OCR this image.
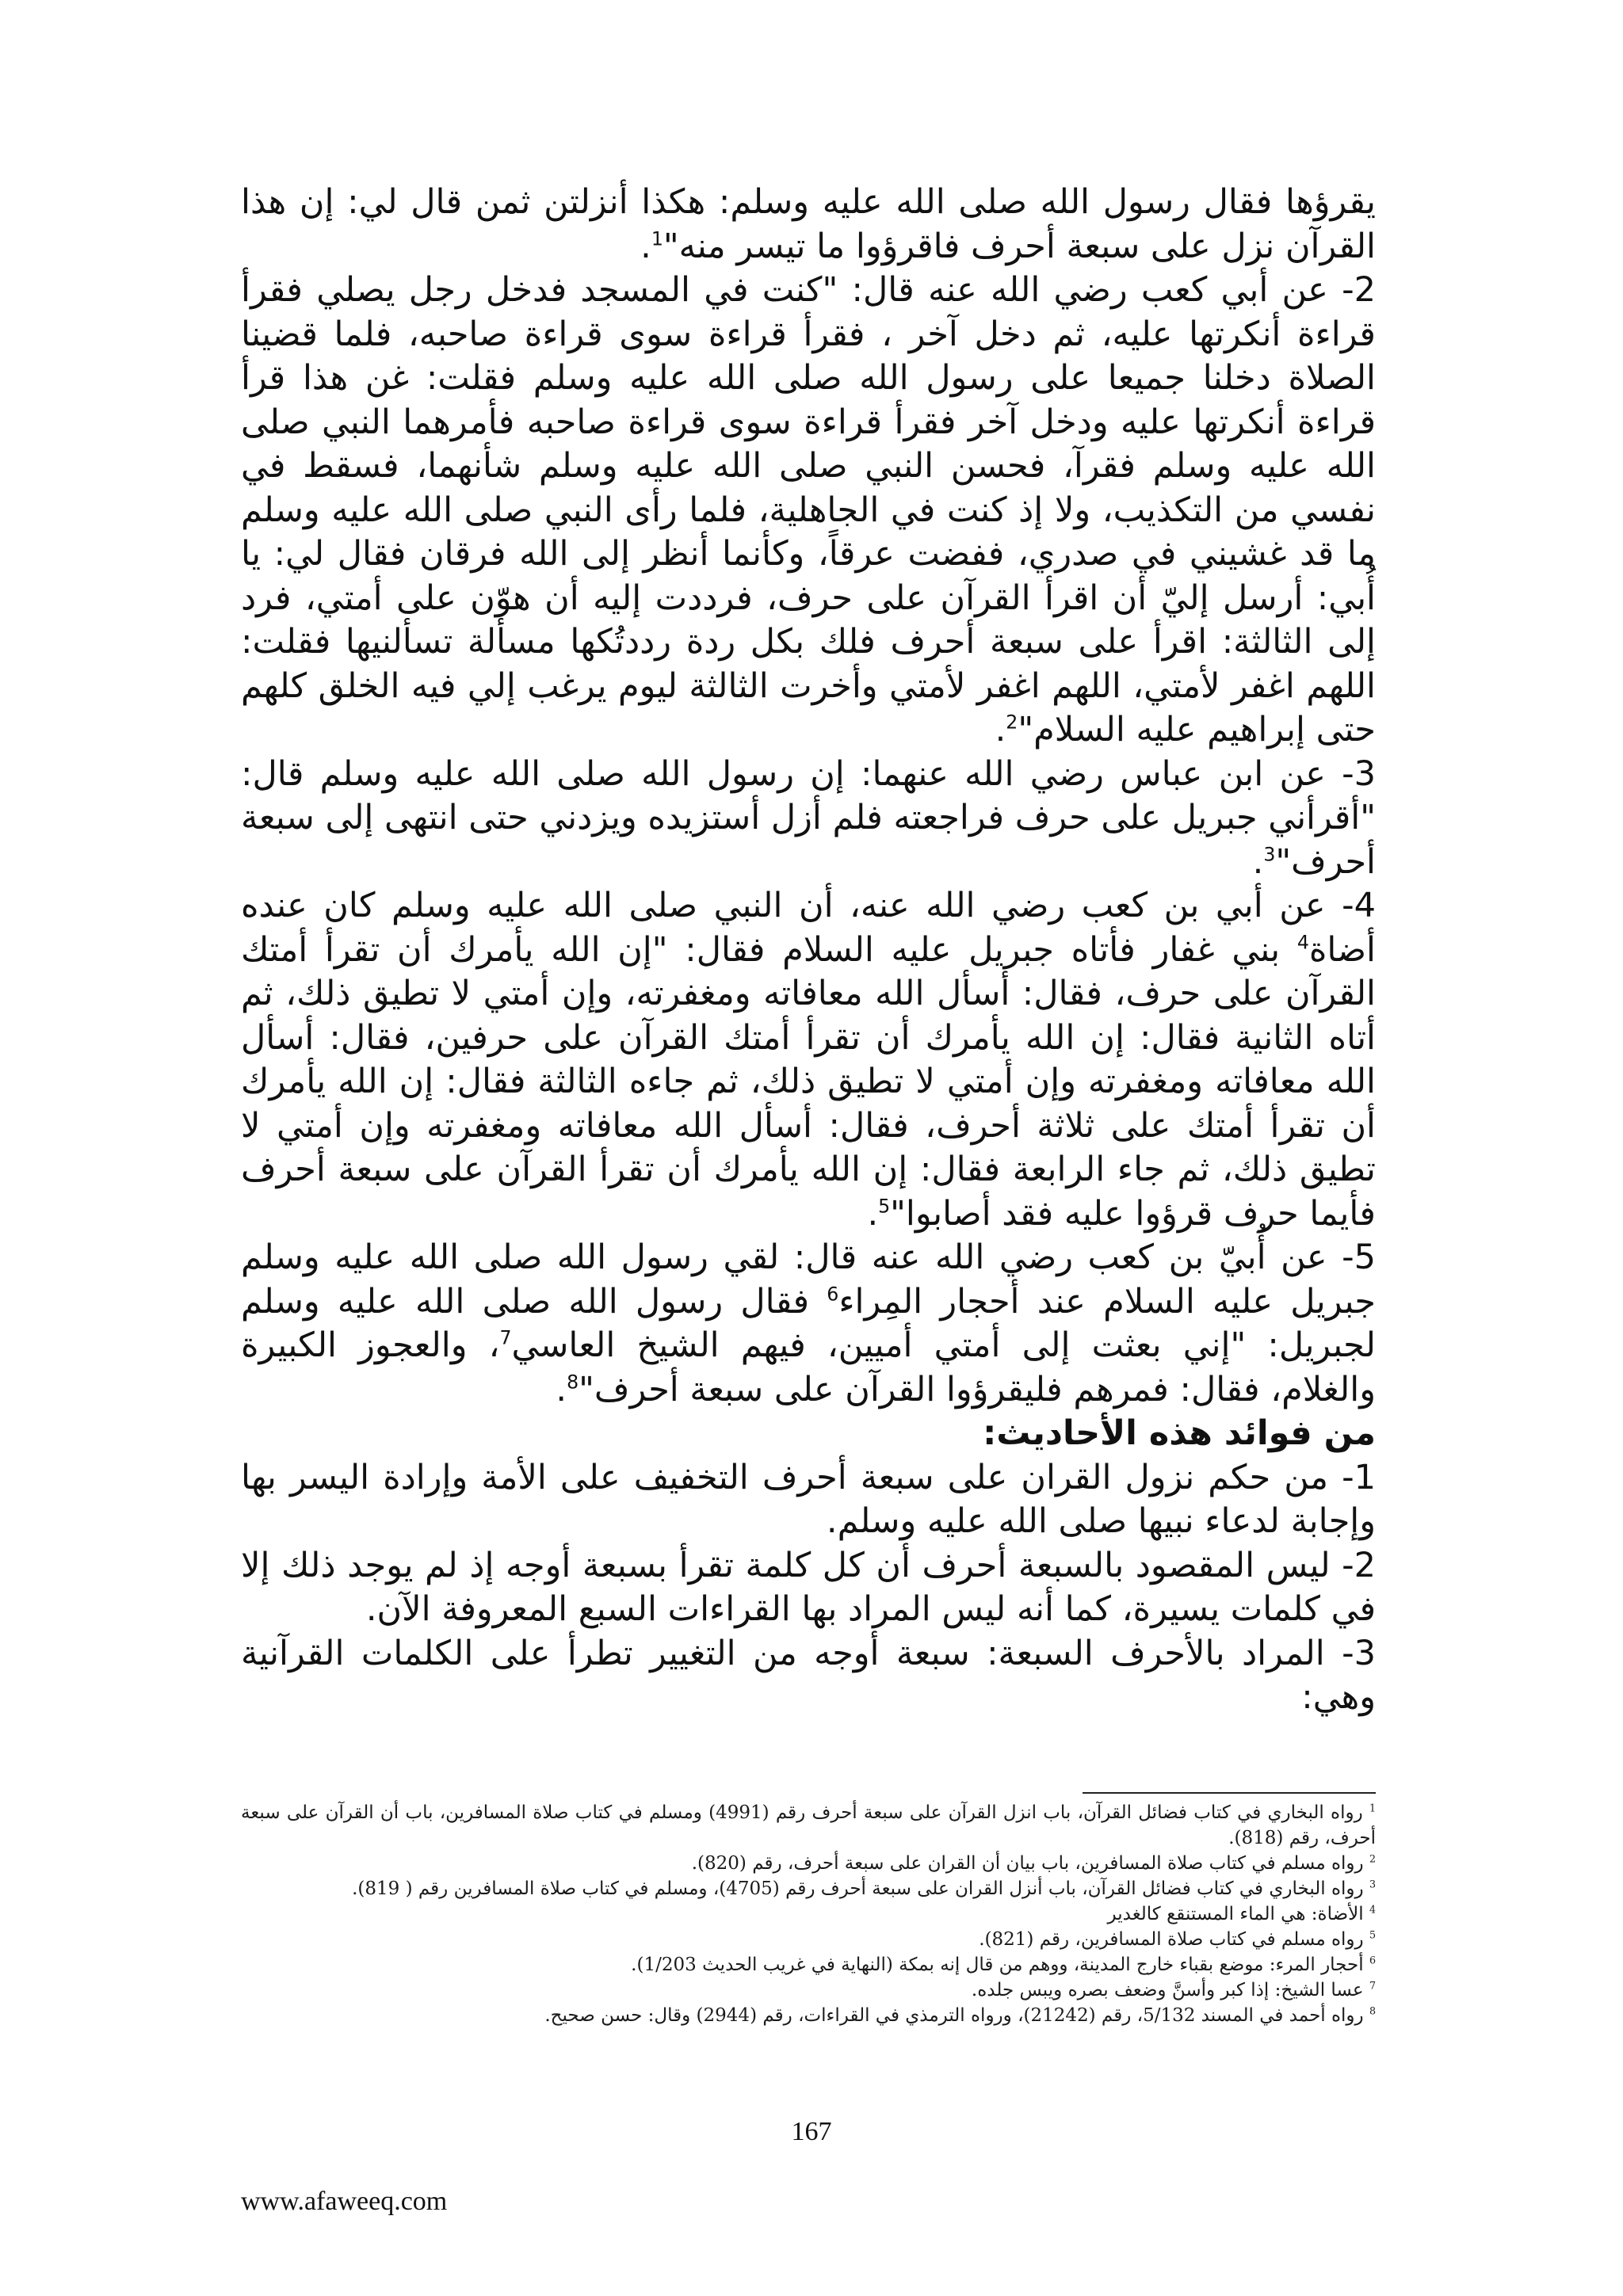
يقرؤها فقال رسول الله صلى الله عليه وسلم: هكذا أنزلتن ثمن قال لي: إن هذا القرآن نزل على سبعة أحرف فاقرؤوا ما تيسر منه"$^1$.

2- عن أبي كعب رضي الله عنه قال: "كنت في المسجد فدخل رجل يصلي فقرأ قراءة أنكرتها عليه، ثم دخل آخر ، فقرأ قراءة سوى قراءة صاحبه، فلما قضينا الصلاة دخلنا جميعا على رسول الله صلى الله عليه وسلم فقلت: غن هذا قرأ قراءة أنكرتها عليه ودخل آخر فقرأ قراءة سوى قراءة صاحبه فأمرهما النبي صلى الله عليه وسلم فقرآ، فحسن النبي صلى الله عليه وسلم شأنهما، فسقط في نفسي من التكذيب، ولا إذ كنت في الجاهلية، فلما رأى النبي صلى الله عليه وسلم ما قد غشيني في صدري، ففضت عرقاً، وكأنما أنظر إلى الله فرقان فقال لي: يا أُبي: أرسل إليّ أن اقرأ القرآن على حرف، فرددت إليه أن هوّن على أمتي، فرد إلى الثالثة: اقرأ على سبعة أحرف فلك بكل ردة رددتُكها مسألة تسألنيها فقلت: اللهم اغفر لأمتي، اللهم اغفر لأمتي وأخرت الثالثة ليوم يرغب إلي فيه الخلق كلهم حتى إبراهيم عليه السلام"$^2$.

3- عن ابن عباس رضي الله عنهما: إن رسول الله صلى الله عليه وسلم قال: "أقرأني جبريل على حرف فراجعته فلم أزل أستزيده ويزدني حتى انتهى إلى سبعة أحرف"$^3$.

4- عن أبي بن كعب رضي الله عنه، أن النبي صلى الله عليه وسلم كان عنده أضاة$^4$ بني غفار فأتاه جبريل عليه السلام فقال: "إن الله يأمرك أن تقرأ أمتك القرآن على حرف، فقال: أسأل الله معافاته ومغفرته، وإن أمتي لا تطيق ذلك، ثم أتاه الثانية فقال: إن الله يأمرك أن تقرأ أمتك القرآن على حرفين، فقال: أسأل الله معافاته ومغفرته وإن أمتي لا تطيق ذلك، ثم جاءه الثالثة فقال: إن الله يأمرك أن تقرأ أمتك على ثلاثة أحرف، فقال: أسأل الله معافاته ومغفرته وإن أمتي لا تطيق ذلك، ثم جاء الرابعة فقال: إن الله يأمرك أن تقرأ القرآن على سبعة أحرف فأيما حرف قرؤوا عليه فقد أصابوا"$^5$.

5- عن أُبيّ بن كعب رضي الله عنه قال: لقي رسول الله صلى الله عليه وسلم جبريل عليه السلام عند أحجار المِراء$^6$ فقال رسول الله صلى الله عليه وسلم لجبريل: "إني بعثت إلى أمتي أميين، فيهم الشيخ العاسي$^7$، والعجوز الكبيرة والغلام، فقال: فمرهم فليقرؤوا القرآن على سبعة أحرف"$^8$.

من فوائد هذه الأحاديث:

1- من حكم نزول القران على سبعة أحرف التخفيف على الأمة وإرادة اليسر بها وإجابة لدعاء نبيها صلى الله عليه وسلم.

2- ليس المقصود بالسبعة أحرف أن كل كلمة تقرأ بسبعة أوجه إذ لم يوجد ذلك إلا في كلمات يسيرة، كما أنه ليس المراد بها القراءات السبع المعروفة الآن.

3- المراد بالأحرف السبعة: سبعة أوجه من التغيير تطرأ على الكلمات القرآنية وهي:

$^1$ رواه البخاري في كتاب فضائل القرآن، باب انزل القرآن على سبعة أحرف رقم (4991) ومسلم في كتاب صلاة المسافرين، باب أن القرآن على سبعة أحرف، رقم (818).

$^2$ رواه مسلم في كتاب صلاة المسافرين، باب بيان أن القران على سبعة أحرف، رقم (820).

$^3$ رواه البخاري في كتاب فضائل القرآن، باب أنزل القران على سبعة أحرف رقم (4705)، ومسلم في كتاب صلاة المسافرين رقم ( 819).

$^4$ الأضاة: هي الماء المستنقع كالغدير

$^5$ رواه مسلم في كتاب صلاة المسافرين، رقم (821).

$^6$ أحجار المرء: موضع بقباء خارج المدينة، ووهم من قال إنه بمكة (النهاية في غريب الحديث 1/203).

$^7$ عسا الشيخ: إذا كبر وأسنَّ وضعف بصره ويبس جلده.

$^8$ رواه أحمد في المسند 5/132، رقم (21242)، ورواه الترمذي في القراءات، رقم (2944) وقال: حسن صحيح.

167
www.afaweeq.com
